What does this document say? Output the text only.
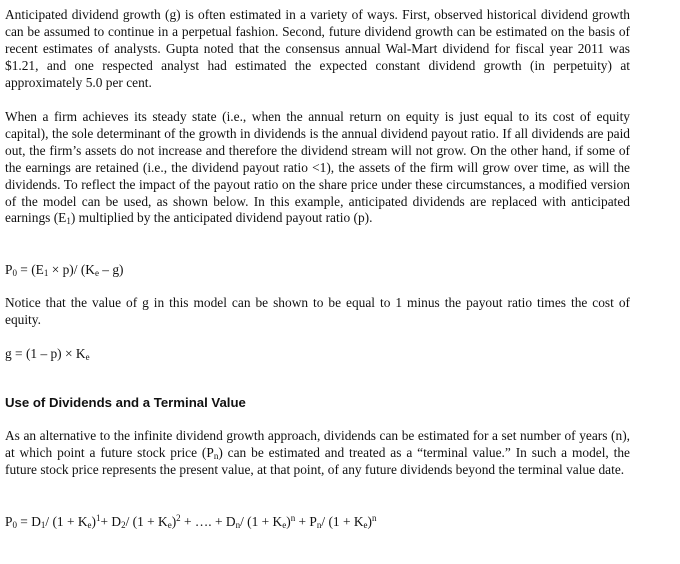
Anticipated dividend growth (g) is often estimated in a variety of ways. First, observed historical dividend growth can be assumed to continue in a perpetual fashion. Second, future dividend growth can be estimated on the basis of recent estimates of analysts. Gupta noted that the consensus annual Wal-Mart dividend for fiscal year 2011 was $1.21, and one respected analyst had estimated the expected constant dividend growth (in perpetuity) at approximately 5.0 per cent.

When a firm achieves its steady state (i.e., when the annual return on equity is just equal to its cost of equity capital), the sole determinant of the growth in dividends is the annual dividend payout ratio. If all dividends are paid out, the firm’s assets do not increase and therefore the dividend stream will not grow. On the other hand, if some of the earnings are retained (i.e., the dividend payout ratio <1), the assets of the firm will grow over time, as will the dividends. To reflect the impact of the payout ratio on the share price under these circumstances, a modified version of the model can be used, as shown below. In this example, anticipated dividends are replaced with anticipated earnings $(E_1)$ multiplied by the anticipated dividend payout ratio (p).

$P_0 = (E_1 \times p)/$ $(K_e - g)$

Notice that the value of g in this model can be shown to be equal to 1 minus the payout ratio times the cost of equity.

$g = (1 - p) \times K_e$

Use of Dividends and a Terminal Value

As an alternative to the infinite dividend growth approach, dividends can be estimated for a set number of years (n), at which point a future stock price $(P_n)$ can be estimated and treated as a “terminal value.” In such a model, the future stock price represents the present value, at that point, of any future dividends beyond the terminal value date.

$P_0 = D_1/$ $(1 + K_e)^1+ D_2/$ $(1 + K_e)^2$ + …. + $D_n/$ $(1 + K_e)^n + P_n/$ $(1 + K_e)^n$
